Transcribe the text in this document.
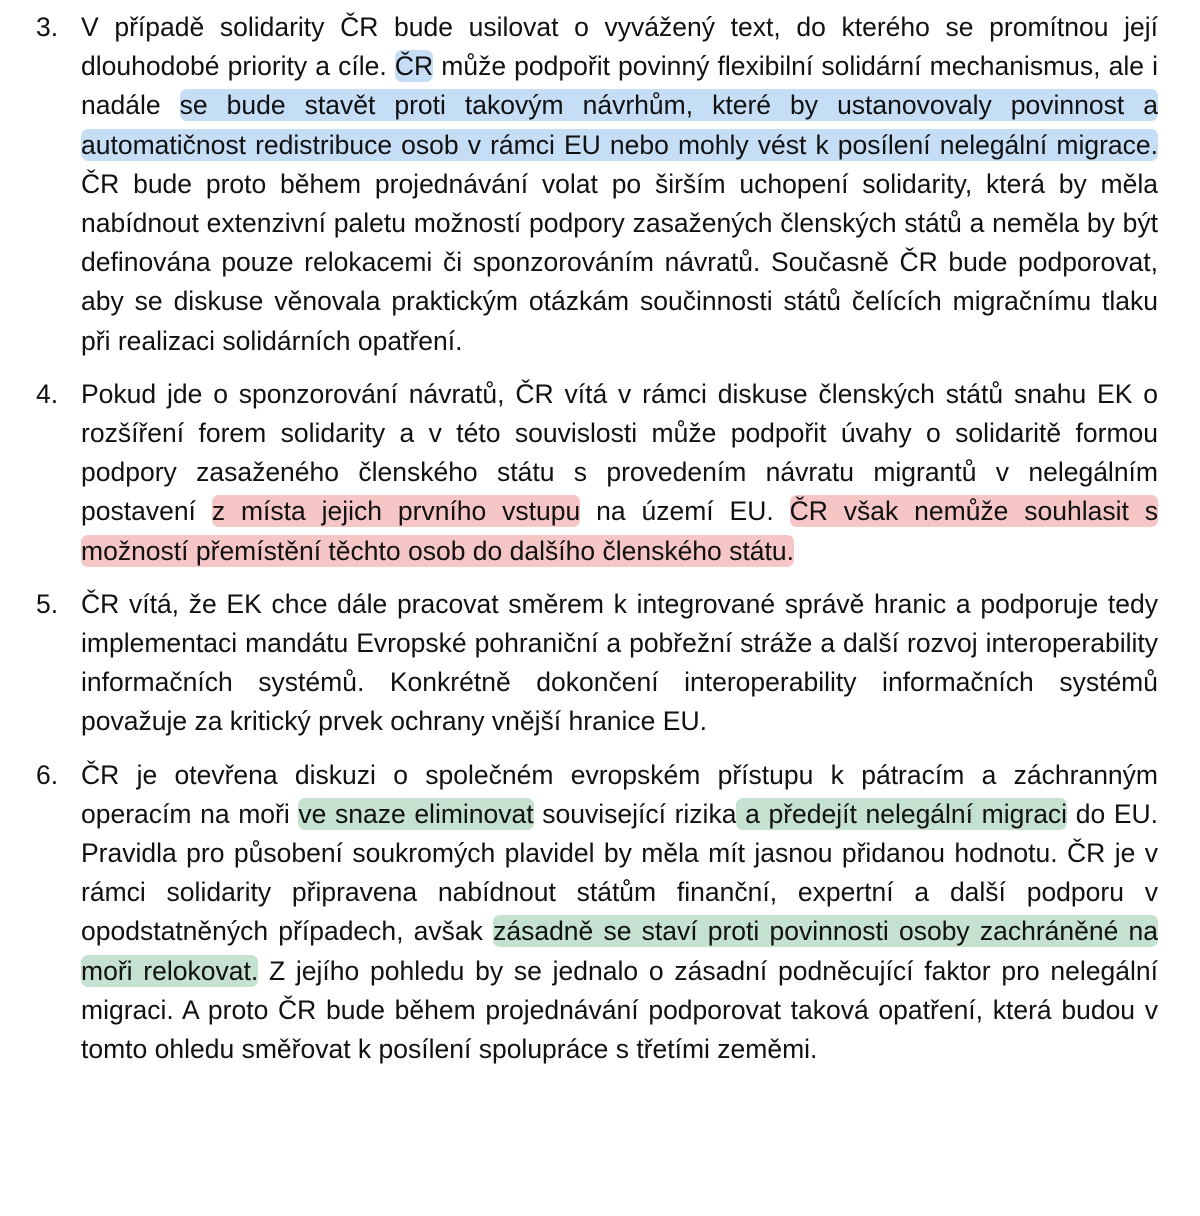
3. V případě solidarity ČR bude usilovat o vyvážený text, do kterého se promítnou její dlouhodobé priority a cíle. ČR může podpořit povinný flexibilní solidární mechanismus, ale i nadále se bude stavět proti takovým návrhům, které by ustanovovaly povinnost a automatičnost redistribuce osob v rámci EU nebo mohly vést k posílení nelegální migrace. ČR bude proto během projednávání volat po širším uchopení solidarity, která by měla nabídnout extenzivní paletu možností podpory zasažených členských států a neměla by být definována pouze relokacemi či sponzorováním návratů. Současně ČR bude podporovat, aby se diskuse věnovala praktickým otázkám součinnosti států čelících migračnímu tlaku při realizaci solidárních opatření.
4. Pokud jde o sponzorování návratů, ČR vítá v rámci diskuse členských států snahu EK o rozšíření forem solidarity a v této souvislosti může podpořit úvahy o solidaritě formou podpory zasaženého členského státu s provedením návratu migrantů v nelegálním postavení z místa jejich prvního vstupu na území EU. ČR však nemůže souhlasit s možností přemístění těchto osob do dalšího členského státu.
5. ČR vítá, že EK chce dále pracovat směrem k integrované správě hranic a podporuje tedy implementaci mandátu Evropské pohraniční a pobřežní stráže a další rozvoj interoperability informačních systémů. Konkrétně dokončení interoperability informačních systémů považuje za kritický prvek ochrany vnější hranice EU.
6. ČR je otevřena diskuzi o společném evropském přístupu k pátracím a záchranným operacím na moři ve snaze eliminovat související rizika a předejít nelegální migraci do EU. Pravidla pro působení soukromých plavidel by měla mít jasnou přidanou hodnotu. ČR je v rámci solidarity připravena nabídnout státům finanční, expertní a další podporu v opodstatněných případech, avšak zásadně se staví proti povinnosti osoby zachráněné na moři relokovat. Z jejího pohledu by se jednalo o zásadní podněcující faktor pro nelegální migraci. A proto ČR bude během projednávání podporovat taková opatření, která budou v tomto ohledu směřovat k posílení spolupráce s třetími zeměmi.
